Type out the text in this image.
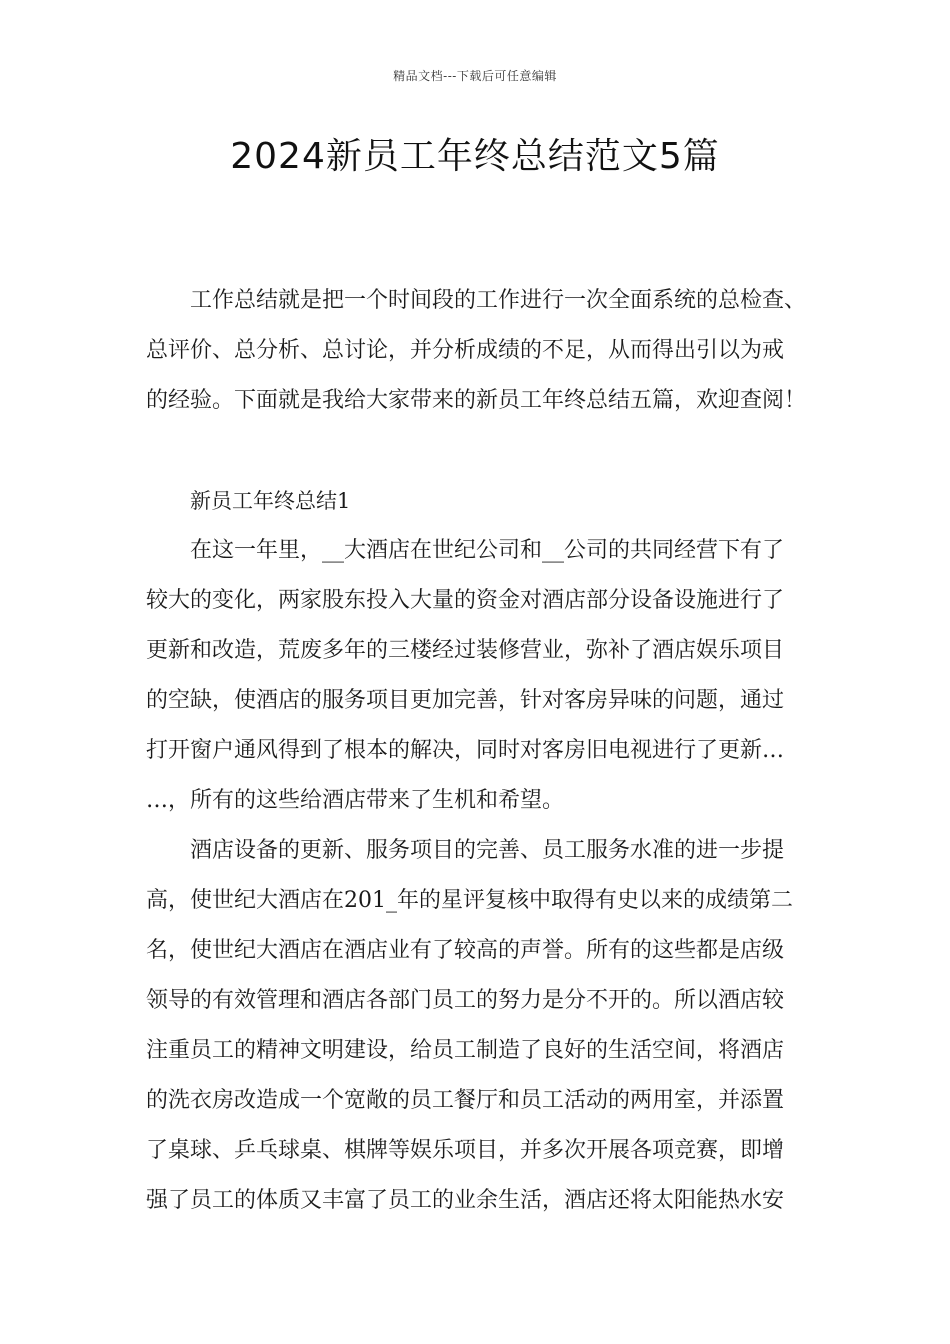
精品文档---下载后可任意编辑
2024新员工年终总结范文5篇
工作总结就是把一个时间段的工作进行一次全面系统的总检查、
总评价、总分析、总讨论，并分析成绩的不足，从而得出引以为戒
的经验。下面就是我给大家带来的新员工年终总结五篇，欢迎查阅！
新员工年终总结1
在这一年里，__大酒店在世纪公司和__公司的共同经营下有了
较大的变化，两家股东投入大量的资金对酒店部分设备设施进行了
更新和改造，荒废多年的三楼经过装修营业，弥补了酒店娱乐项目
的空缺，使酒店的服务项目更加完善，针对客房异味的问题，通过
打开窗户通风得到了根本的解决，同时对客房旧电视进行了更新…
…，所有的这些给酒店带来了生机和希望。
酒店设备的更新、服务项目的完善、员工服务水准的进一步提
高，使世纪大酒店在201_年的星评复核中取得有史以来的成绩第二
名，使世纪大酒店在酒店业有了较高的声誉。所有的这些都是店级
领导的有效管理和酒店各部门员工的努力是分不开的。所以酒店较
注重员工的精神文明建设，给员工制造了良好的生活空间，将酒店
的洗衣房改造成一个宽敞的员工餐厅和员工活动的两用室，并添置
了桌球、乒乓球桌、棋牌等娱乐项目，并多次开展各项竞赛，即增
强了员工的体质又丰富了员工的业余生活，酒店还将太阳能热水安
